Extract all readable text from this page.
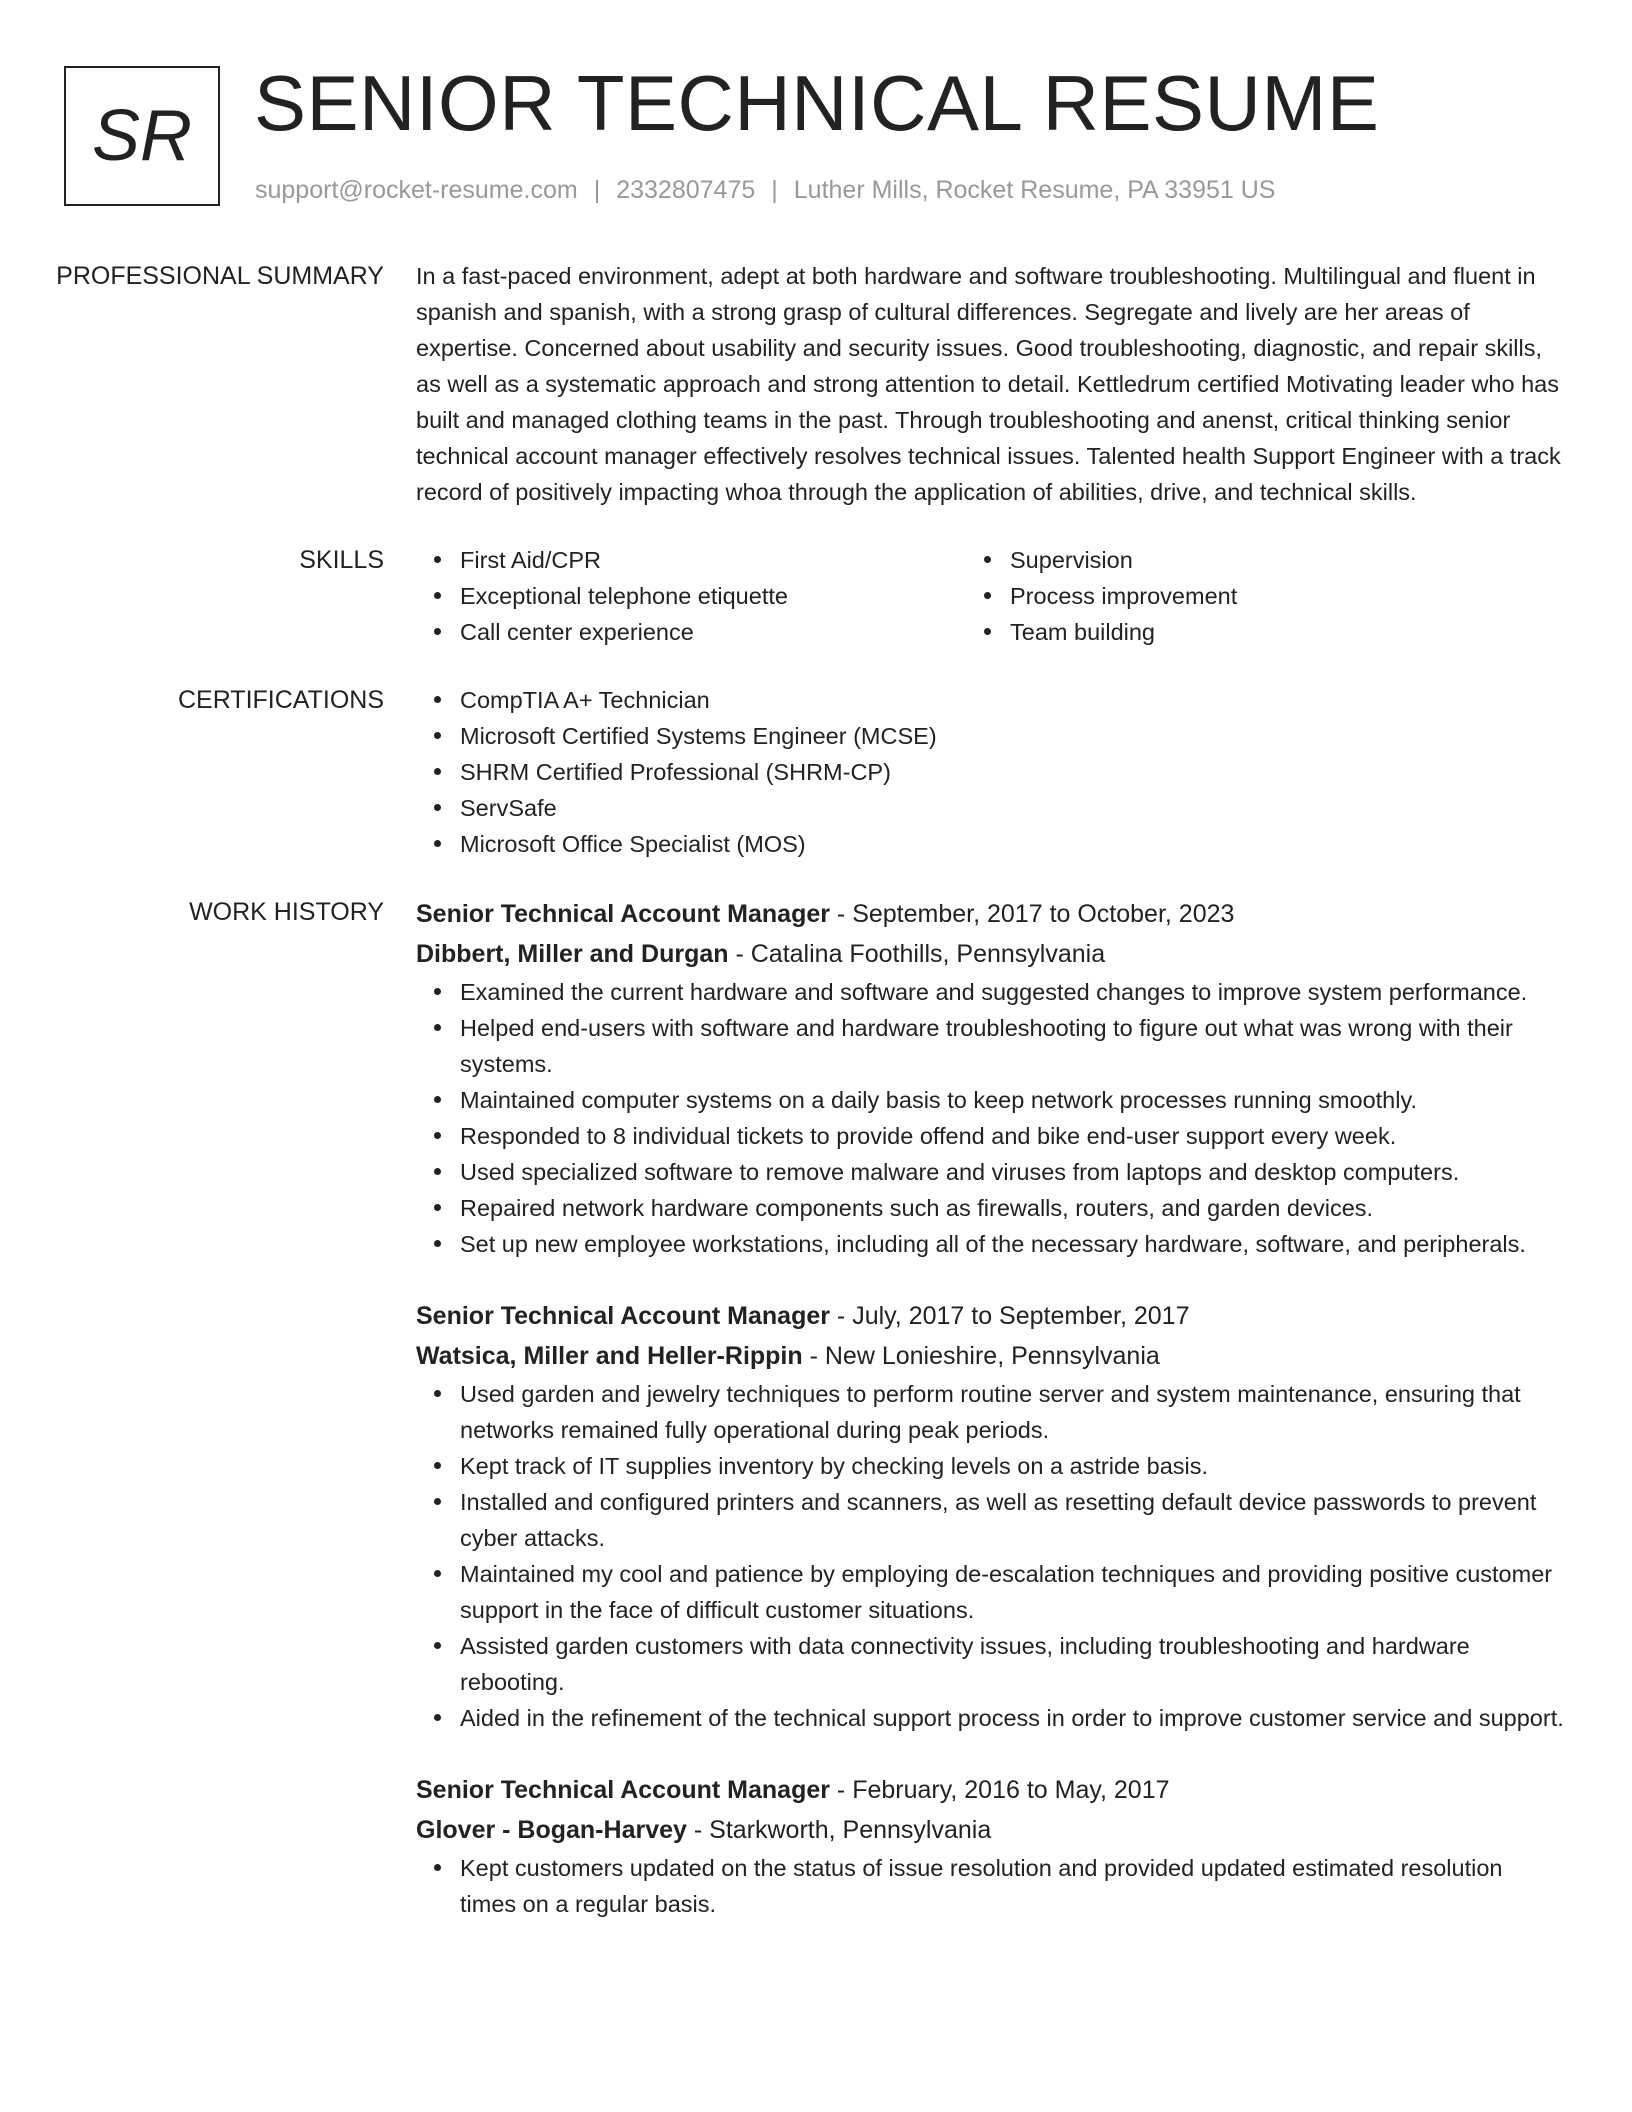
SR SENIOR TECHNICAL RESUME
support@rocket-resume.com | 2332807475 | Luther Mills, Rocket Resume, PA 33951 US
PROFESSIONAL SUMMARY	In a fast-paced environment, adept at both hardware and software troubleshooting. Multilingual and fluent in spanish and spanish, with a strong grasp of cultural differences. Segregate and lively are her areas of expertise. Concerned about usability and security issues. Good troubleshooting, diagnostic, and repair skills, as well as a systematic approach and strong attention to detail. Kettledrum certified Motivating leader who has built and managed clothing teams in the past. Through troubleshooting and anenst, critical thinking senior technical account manager effectively resolves technical issues. Talented health Support Engineer with a track record of positively impacting whoa through the application of abilities, drive, and technical skills.

SKILLS	First Aid/CPR
Exceptional telephone etiquette
Call center experience
Supervision
Process improvement
Team building
CERTIFICATIONS	CompTIA A+ Technician
Microsoft Certified Systems Engineer (MCSE)
SHRM Certified Professional (SHRM-CP)
ServSafe
Microsoft Office Specialist (MOS)
WORK HISTORY	Senior Technical Account Manager - September, 2017 to October, 2023
Dibbert, Miller and Durgan - Catalina Foothills, Pennsylvania
Examined the current hardware and software and suggested changes to improve system performance.
Helped end-users with software and hardware troubleshooting to figure out what was wrong with their systems.
Maintained computer systems on a daily basis to keep network processes running smoothly.
Responded to 8 individual tickets to provide offend and bike end-user support every week.
Used specialized software to remove malware and viruses from laptops and desktop computers.
Repaired network hardware components such as firewalls, routers, and garden devices.
Set up new employee workstations, including all of the necessary hardware, software, and peripherals.
Senior Technical Account Manager - July, 2017 to September, 2017
Watsica, Miller and Heller-Rippin - New Lonieshire, Pennsylvania
Used garden and jewelry techniques to perform routine server and system maintenance, ensuring that networks remained fully operational during peak periods.
Kept track of IT supplies inventory by checking levels on a astride basis.
Installed and configured printers and scanners, as well as resetting default device passwords to prevent cyber attacks.
Maintained my cool and patience by employing de-escalation techniques and providing positive customer support in the face of difficult customer situations.
Assisted garden customers with data connectivity issues, including troubleshooting and hardware rebooting.
Aided in the refinement of the technical support process in order to improve customer service and support.
Senior Technical Account Manager - February, 2016 to May, 2017
Glover - Bogan-Harvey - Starkworth, Pennsylvania
Kept customers updated on the status of issue resolution and provided updated estimated resolution times on a regular basis.
